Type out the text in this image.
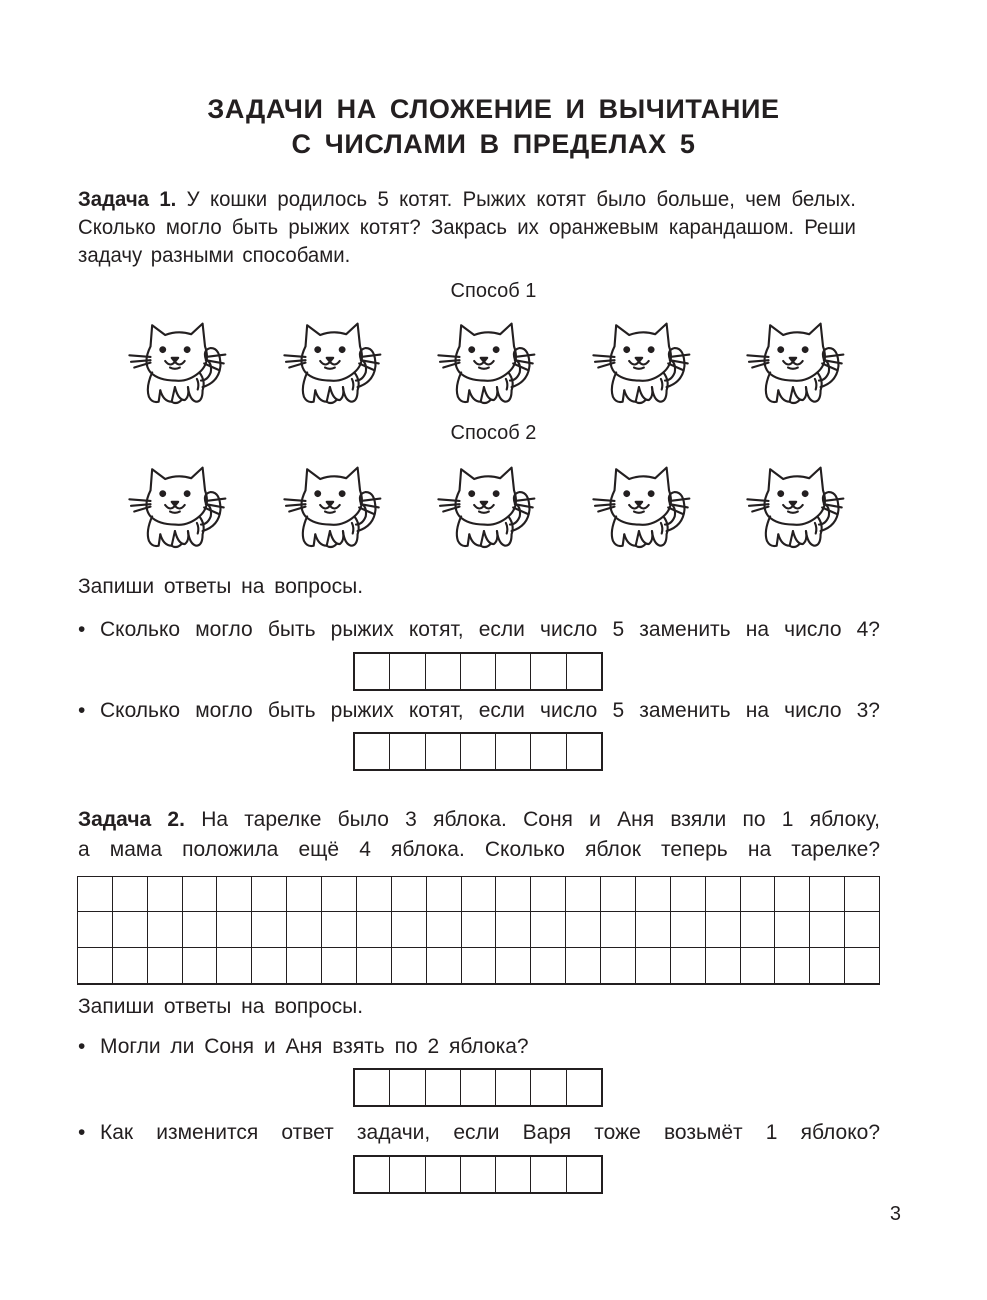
ЗАДАЧИ НА СЛОЖЕНИЕ И ВЫЧИТАНИЕ
С ЧИСЛАМИ В ПРЕДЕЛАХ 5
Задача 1. У кошки родилось 5 котят. Рыжих котят было больше, чем белых. Сколько могло быть рыжих котят? Закрась их оранжевым карандашом. Реши задачу разными способами.
Способ 1
Способ 2
Запиши ответы на вопросы.
• Сколько могло быть рыжих котят, если число 5 заменить на число 4?
• Сколько могло быть рыжих котят, если число 5 заменить на число 3?
Задача 2. На тарелке было 3 яблока. Соня и Аня взяли по 1 яблоку,
а мама положила ещё 4 яблока. Сколько яблок теперь на тарелке?
Запиши ответы на вопросы.
• Могли ли Соня и Аня взять по 2 яблока?
• Как изменится ответ задачи, если Варя тоже возьмёт 1 яблоко?
3
